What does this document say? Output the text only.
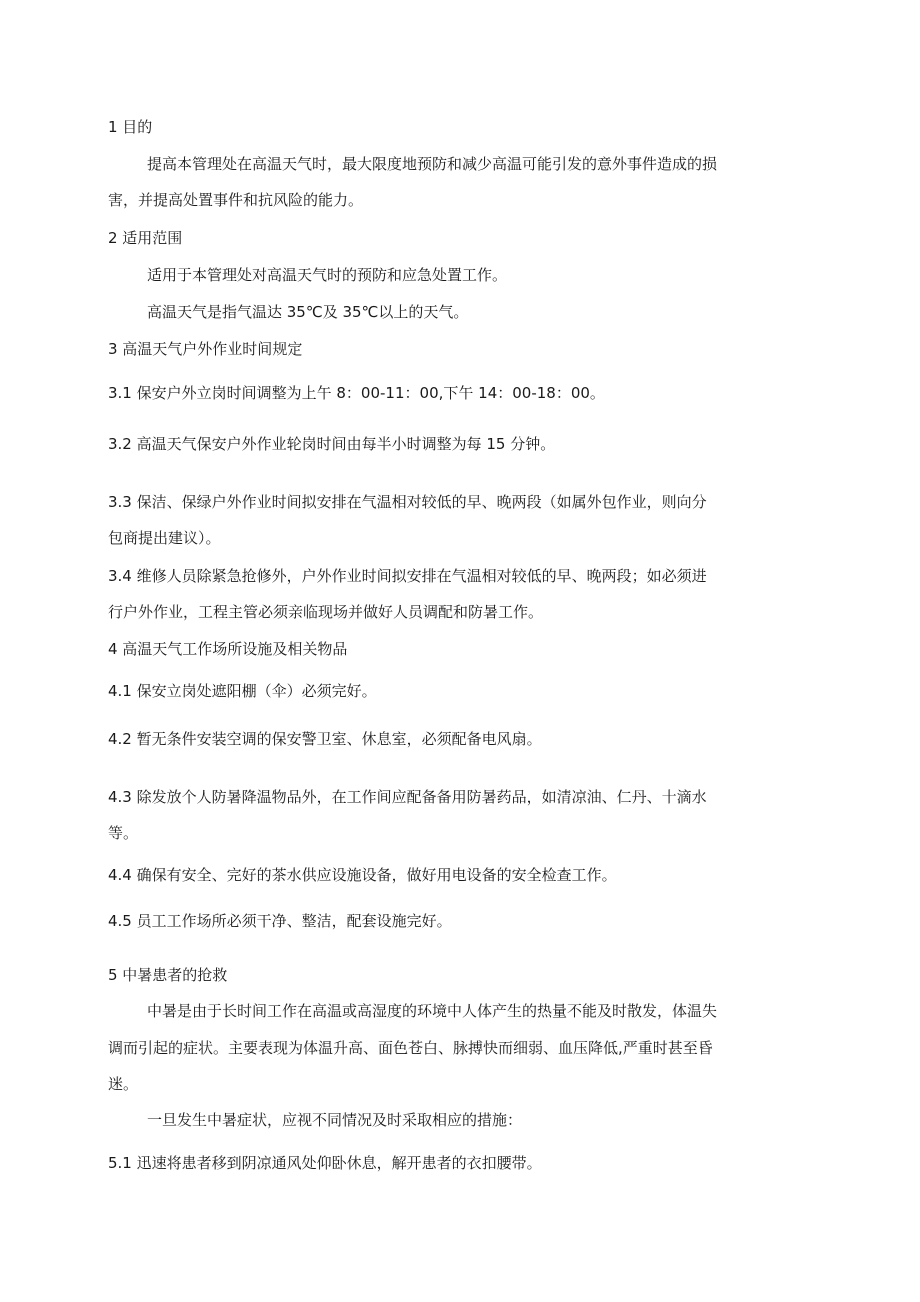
1 目的
提高本管理处在高温天气时，最大限度地预防和减少高温可能引发的意外事件造成的损
害，并提高处置事件和抗风险的能力。
2 适用范围
适用于本管理处对高温天气时的预防和应急处置工作。
高温天气是指气温达 35℃及 35℃以上的天气。
3 高温天气户外作业时间规定
3.1 保安户外立岗时间调整为上午 8：00-11：00,下午 14：00-18：00。
3.2 高温天气保安户外作业轮岗时间由每半小时调整为每 15 分钟。
3.3 保洁、保绿户外作业时间拟安排在气温相对较低的早、晚两段（如属外包作业，则向分
包商提出建议）。
3.4 维修人员除紧急抢修外，户外作业时间拟安排在气温相对较低的早、晚两段；如必须进
行户外作业，工程主管必须亲临现场并做好人员调配和防暑工作。
4 高温天气工作场所设施及相关物品
4.1 保安立岗处遮阳棚（伞）必须完好。
4.2 暂无条件安装空调的保安警卫室、休息室，必须配备电风扇。
4.3 除发放个人防暑降温物品外，在工作间应配备备用防暑药品，如清凉油、仁丹、十滴水
等。
4.4 确保有安全、完好的茶水供应设施设备，做好用电设备的安全检查工作。
4.5 员工工作场所必须干净、整洁，配套设施完好。
5 中暑患者的抢救
中暑是由于长时间工作在高温或高湿度的环境中人体产生的热量不能及时散发，体温失
调而引起的症状。主要表现为体温升高、面色苍白、脉搏快而细弱、血压降低,严重时甚至昏
迷。
一旦发生中暑症状，应视不同情况及时采取相应的措施：
5.1 迅速将患者移到阴凉通风处仰卧休息，解开患者的衣扣腰带。
